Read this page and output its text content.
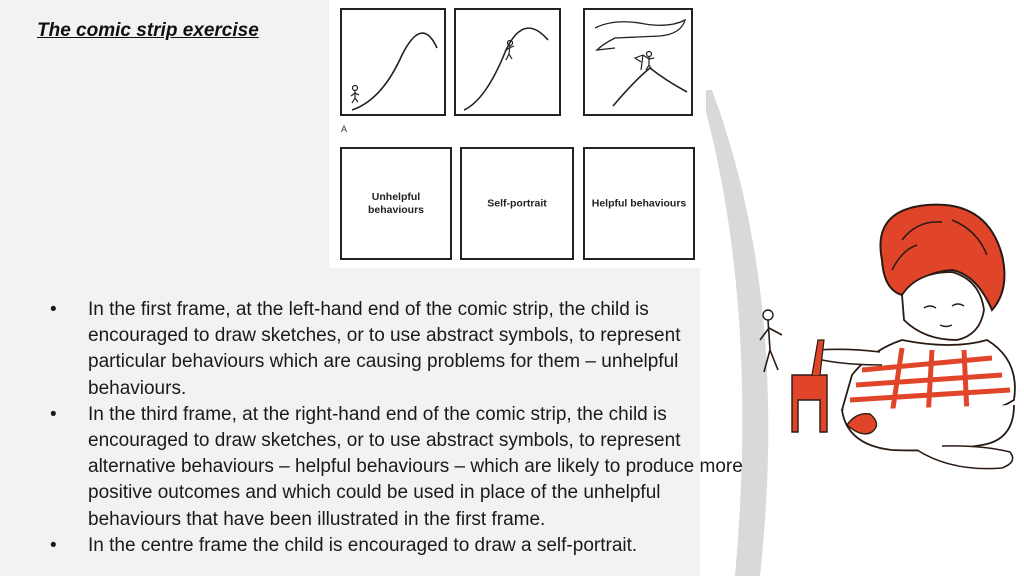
The comic strip exercise
A
Unhelpful behaviours
Self-portrait	Helpful behaviours

• In the first frame, at the left-hand end of the comic strip, the child is encouraged to draw sketches, or to use abstract symbols, to represent particular behaviours which are causing problems for them – unhelpful behaviours.

• In the third frame, at the right-hand end of the comic strip, the child is encouraged to draw sketches, or to use abstract symbols, to represent alternative behaviours – helpful behaviours – which are likely to produce more positive outcomes and which could be used in place of the unhelpful behaviours that have been illustrated in the first frame.

• In the centre frame the child is encouraged to draw a self-portrait.
